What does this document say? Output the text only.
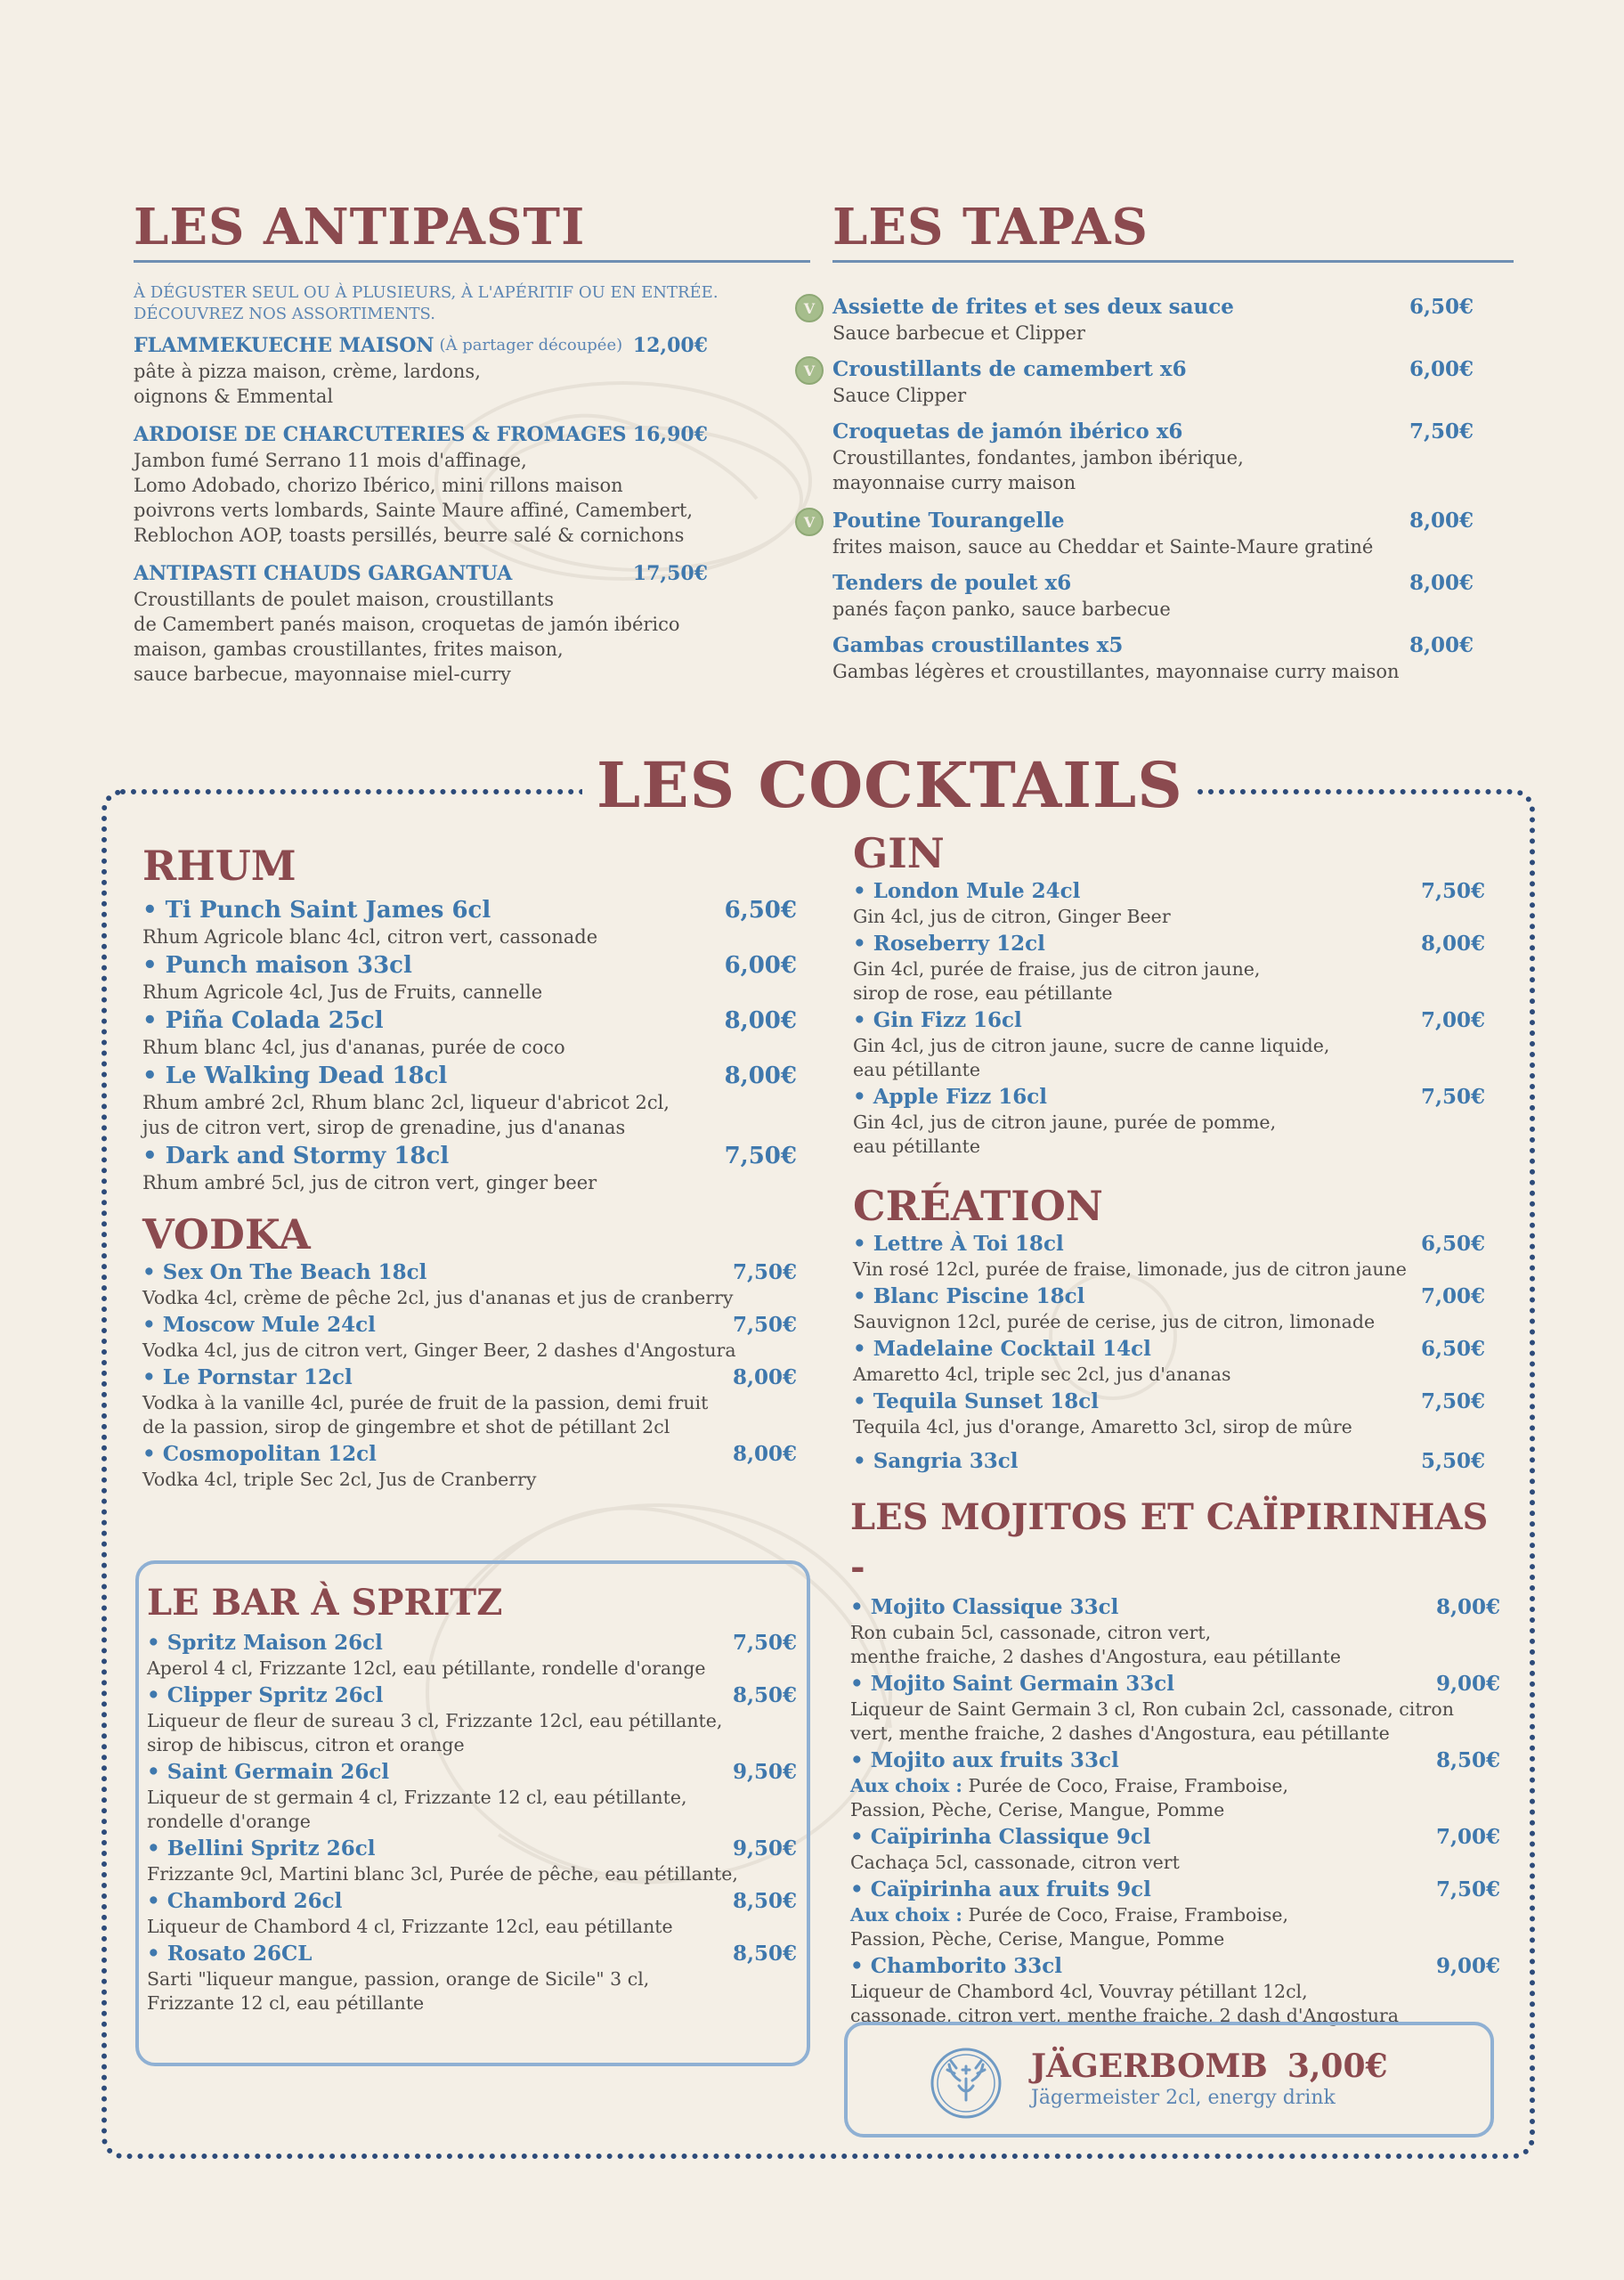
LES ANTIPASTI
À DÉGUSTER SEUL OU À PLUSIEURS, À L'APÉRITIF OU EN ENTRÉE.
DÉCOUVREZ NOS ASSORTIMENTS.
FLAMMEKUECHE MAISON (À partager découpée) 12,00€
pâte à pizza maison, crème, lardons,
oignons & Emmental
ARDOISE DE CHARCUTERIES & FROMAGES 16,90€
Jambon fumé Serrano 11 mois d'affinage,
Lomo Adobado, chorizo Ibérico, mini rillons maison
poivrons verts lombards, Sainte Maure affiné, Camembert,
Reblochon AOP, toasts persillés, beurre salé & cornichons
ANTIPASTI CHAUDS GARGANTUA	17,50€
Croustillants de poulet maison, croustillants
de Camembert panés maison, croquetas de jamón ibérico
maison, gambas croustillantes, frites maison,
sauce barbecue, mayonnaise miel-curry
LES TAPAS
V Assiette de frites et ses deux sauce	6,50€
Sauce barbecue et Clipper
V Croustillants de camembert x6	6,00€
Sauce Clipper
Croquetas de jamón ibérico x6	7,50€
Croustillantes, fondantes, jambon ibérique,
mayonnaise curry maison
V Poutine Tourangelle	8,00€
frites maison, sauce au Cheddar et Sainte-Maure gratiné
Tenders de poulet x6	8,00€
panés façon panko, sauce barbecue
Gambas croustillantes x5	8,00€
Gambas légères et croustillantes, mayonnaise curry maison
LES COCKTAILS
RHUM
• Ti Punch Saint James 6cl	6,50€
Rhum Agricole blanc 4cl, citron vert, cassonade
• Punch maison 33cl	6,00€
Rhum Agricole 4cl, Jus de Fruits, cannelle
• Piña Colada 25cl	8,00€
Rhum blanc 4cl, jus d'ananas, purée de coco
• Le Walking Dead 18cl	8,00€
Rhum ambré 2cl, Rhum blanc 2cl, liqueur d'abricot 2cl,
jus de citron vert, sirop de grenadine, jus d'ananas
• Dark and Stormy 18cl	7,50€
Rhum ambré 5cl, jus de citron vert, ginger beer
VODKA
• Sex On The Beach 18cl	7,50€
Vodka 4cl, crème de pêche 2cl, jus d'ananas et jus de cranberry
• Moscow Mule 24cl	7,50€
Vodka 4cl, jus de citron vert, Ginger Beer, 2 dashes d'Angostura
• Le Pornstar 12cl	8,00€
Vodka à la vanille 4cl, purée de fruit de la passion, demi fruit
de la passion, sirop de gingembre et shot de pétillant 2cl
• Cosmopolitan 12cl	8,00€
Vodka 4cl, triple Sec 2cl, Jus de Cranberry
LE BAR À SPRITZ
• Spritz Maison 26cl	7,50€
Aperol 4 cl, Frizzante 12cl, eau pétillante, rondelle d'orange
• Clipper Spritz 26cl	8,50€
Liqueur de fleur de sureau 3 cl, Frizzante 12cl, eau pétillante,
sirop de hibiscus, citron et orange
• Saint Germain 26cl	9,50€
Liqueur de st germain 4 cl, Frizzante 12 cl, eau pétillante,
rondelle d'orange
• Bellini Spritz 26cl	9,50€
Frizzante 9cl, Martini blanc 3cl, Purée de pêche, eau pétillante,
• Chambord 26cl	8,50€
Liqueur de Chambord 4 cl, Frizzante 12cl, eau pétillante
• Rosato 26CL	8,50€
Sarti "liqueur mangue, passion, orange de Sicile" 3 cl,
Frizzante 12 cl, eau pétillante
GIN
• London Mule 24cl	7,50€
Gin 4cl, jus de citron, Ginger Beer
• Roseberry 12cl	8,00€
Gin 4cl, purée de fraise, jus de citron jaune,
sirop de rose, eau pétillante
• Gin Fizz 16cl	7,00€
Gin 4cl, jus de citron jaune, sucre de canne liquide,
eau pétillante
• Apple Fizz 16cl	7,50€
Gin 4cl, jus de citron jaune, purée de pomme,
eau pétillante
CRÉATION
• Lettre À Toi 18cl	6,50€
Vin rosé 12cl, purée de fraise, limonade, jus de citron jaune
• Blanc Piscine 18cl	7,00€
Sauvignon 12cl, purée de cerise, jus de citron, limonade
• Madelaine Cocktail 14cl	6,50€
Amaretto 4cl, triple sec 2cl, jus d'ananas
• Tequila Sunset 18cl	7,50€
Tequila 4cl, jus d'orange, Amaretto 3cl, sirop de mûre
• Sangria 33cl	5,50€
LES MOJITOS ET CAÏPIRINHAS -
• Mojito Classique 33cl	8,00€
Ron cubain 5cl, cassonade, citron vert,
menthe fraiche, 2 dashes d'Angostura, eau pétillante
• Mojito Saint Germain 33cl	9,00€
Liqueur de Saint Germain 3 cl, Ron cubain 2cl, cassonade, citron
vert, menthe fraiche, 2 dashes d'Angostura, eau pétillante
• Mojito aux fruits 33cl	8,50€
Aux choix : Purée de Coco, Fraise, Framboise,
Passion, Pèche, Cerise, Mangue, Pomme
• Caïpirinha Classique 9cl	7,00€
Cachaça 5cl, cassonade, citron vert
• Caïpirinha aux fruits 9cl	7,50€
Aux choix : Purée de Coco, Fraise, Framboise,
Passion, Pèche, Cerise, Mangue, Pomme
• Chamborito 33cl	9,00€
Liqueur de Chambord 4cl, Vouvray pétillant 12cl,
cassonade, citron vert, menthe fraiche, 2 dash d'Angostura
JÄGERBOMB 3,00€
Jägermeister 2cl, energy drink
